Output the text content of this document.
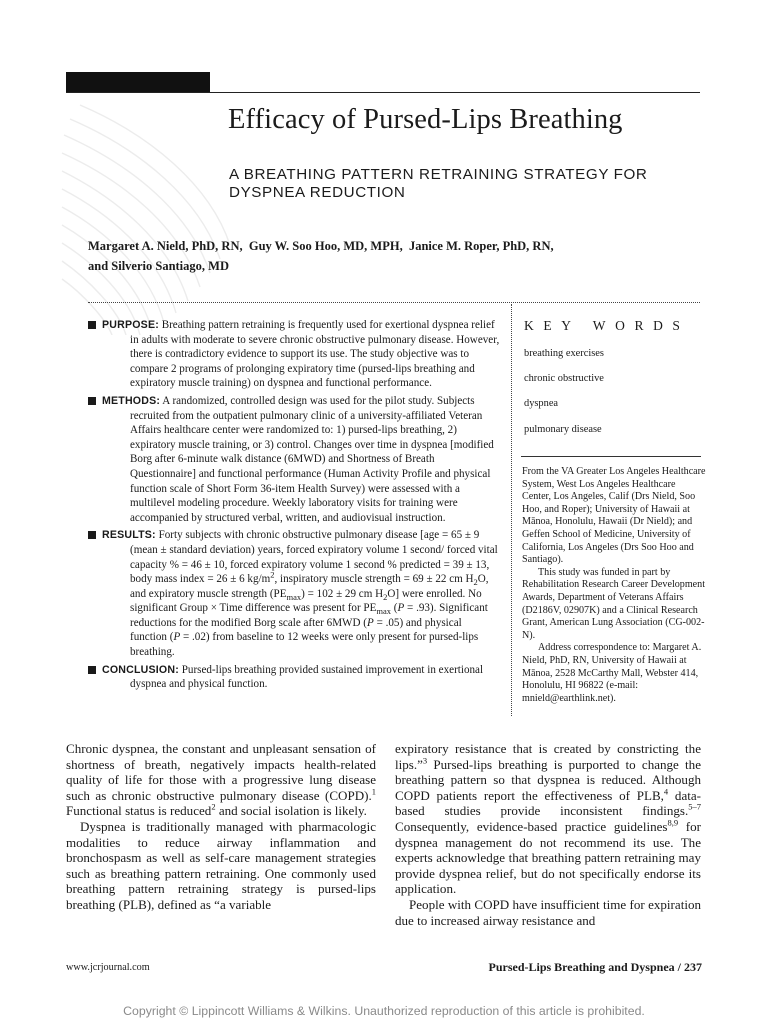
Efficacy of Pursed-Lips Breathing
A BREATHING PATTERN RETRAINING STRATEGY FOR
DYSPNEA REDUCTION
Margaret A. Nield, PhD, RN,  Guy W. Soo Hoo, MD, MPH,  Janice M. Roper, PhD, RN,
and Silverio Santiago, MD
PURPOSE: Breathing pattern retraining is frequently used for exertional dyspnea relief in adults with moderate to severe chronic obstructive pulmonary disease. However, there is contradictory evidence to support its use. The study objective was to compare 2 programs of prolonging expiratory time (pursed-lips breathing and expiratory muscle training) on dyspnea and functional performance.
METHODS: A randomized, controlled design was used for the pilot study. Subjects recruited from the outpatient pulmonary clinic of a university-affiliated Veteran Affairs healthcare center were randomized to: 1) pursed-lips breathing, 2) expiratory muscle training, or 3) control. Changes over time in dyspnea [modified Borg after 6-minute walk distance (6MWD) and Shortness of Breath Questionnaire] and functional performance (Human Activity Profile and physical function scale of Short Form 36-item Health Survey) were assessed with a multilevel modeling procedure. Weekly laboratory visits for training were accompanied by structured verbal, written, and audiovisual instruction.
RESULTS: Forty subjects with chronic obstructive pulmonary disease [age = 65 ± 9 (mean ± standard deviation) years, forced expiratory volume 1 second/ forced vital capacity % = 46 ± 10, forced expiratory volume 1 second % predicted = 39 ± 13, body mass index = 26 ± 6 $kg/m^2$, inspiratory muscle strength = 69 ± 22 cm $H_2O$, and expiratory muscle strength $(PE_{max}) = 102 \pm 29$ cm $H_2O$] were enrolled. No significant Group × Time difference was present for $PE_{max}$ (P = .93). Significant reductions for the modified Borg scale after 6MWD (P = .05) and physical function (P = .02) from baseline to 12 weeks were only present for pursed-lips breathing.
CONCLUSION: Pursed-lips breathing provided sustained improvement in exertional dyspnea and physical function.
KEY WORDS
breathing exercises
chronic obstructive
dyspnea
pulmonary disease

From the VA Greater Los Angeles Healthcare System, West Los Angeles Healthcare Center, Los Angeles, Calif (Drs Nield, Soo Hoo, and Roper); University of Hawaii at Mānoa, Honolulu, Hawaii (Dr Nield); and Geffen School of Medicine, University of California, Los Angeles (Drs Soo Hoo and Santiago).

This study was funded in part by Rehabilitation Research Career Development Awards, Department of Veterans Affairs (D2186V, 02907K) and a Clinical Research Grant, American Lung Association (CG-002-N).

Address correspondence to: Margaret A. Nield, PhD, RN, University of Hawaii at Mānoa, 2528 McCarthy Mall, Webster 414, Honolulu, HI 96822 (e-mail: mnield@earthlink.net).

Chronic dyspnea, the constant and unpleasant sensation of shortness of breath, negatively impacts health-related quality of life for those with a progressive lung disease such as chronic obstructive pulmonary disease (COPD).$^1$ Functional status is reduced$^2$ and social isolation is likely.

Dyspnea is traditionally managed with pharmacologic modalities to reduce airway inflammation and bronchospasm as well as self-care management strategies such as breathing pattern retraining. One commonly used breathing pattern retraining strategy is pursed-lips breathing (PLB), defined as “a variable

expiratory resistance that is created by constricting the lips.”$^3$ Pursed-lips breathing is purported to change the breathing pattern so that dyspnea is reduced. Although COPD patients report the effectiveness of PLB,$^4$ data-based studies provide inconsistent findings.$^{5-7}$ Consequently, evidence-based practice guidelines$^{8,9}$ for dyspnea management do not recommend its use. The experts acknowledge that breathing pattern retraining may provide dyspnea relief, but do not specifically endorse its application.

People with COPD have insufficient time for expiration due to increased airway resistance and

www.jcrjournal.com	Pursed-Lips Breathing and Dyspnea / 237
Copyright © Lippincott Williams & Wilkins. Unauthorized reproduction of this article is prohibited.
